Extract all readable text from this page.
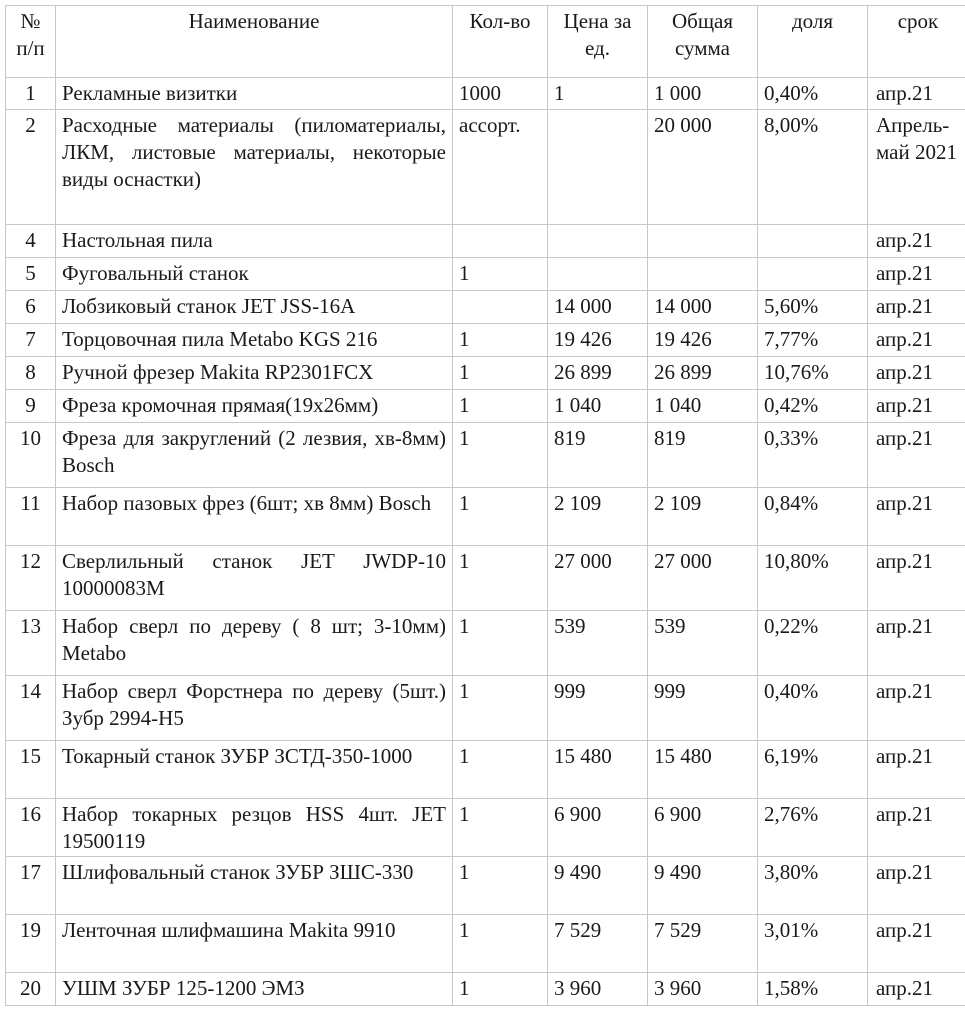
№ п/п	Наименование	Кол-во	Цена за ед.	Общая сумма	доля	срок
1	Рекламные визитки	1000	1	1 000	0,40%	апр.21
2	Расходные материалы (пиломатериалы, ЛКМ, листовые материалы, некоторые виды оснастки)	ассорт.		20 000	8,00%	Апрель-май 2021
4	Настольная пила					апр.21
5	Фуговальный станок	1				апр.21
6	Лобзиковый станок JET JSS-16A		14 000	14 000	5,60%	апр.21
7	Торцовочная пила Metabo KGS 216	1	19 426	19 426	7,77%	апр.21
8	Ручной фрезер Makita RP2301FCX	1	26 899	26 899	10,76%	апр.21
9	Фреза кромочная прямая(19x26мм)	1	1 040	1 040	0,42%	апр.21
10	Фреза для закруглений (2 лезвия, хв-8мм) Bosch	1	819	819	0,33%	апр.21
11	Набор пазовых фрез (6шт; хв 8мм) Bosch	1	2 109	2 109	0,84%	апр.21
12	Сверлильный станок JET JWDP-10 10000083M	1	27 000	27 000	10,80%	апр.21
13	Набор сверл по дереву ( 8 шт; 3-10мм) Metabo	1	539	539	0,22%	апр.21
14	Набор сверл Форстнера по дереву (5шт.) Зубр 2994-H5	1	999	999	0,40%	апр.21
15	Токарный станок ЗУБР ЗСТД-350-1000	1	15 480	15 480	6,19%	апр.21
16	Набор токарных резцов HSS 4шт. JET 19500119	1	6 900	6 900	2,76%	апр.21
17	Шлифовальный станок ЗУБР ЗШС-330	1	9 490	9 490	3,80%	апр.21
19	Ленточная шлифмашина Makita 9910	1	7 529	7 529	3,01%	апр.21
20	УШМ ЗУБР 125-1200 ЭМЗ	1	3 960	3 960	1,58%	апр.21
